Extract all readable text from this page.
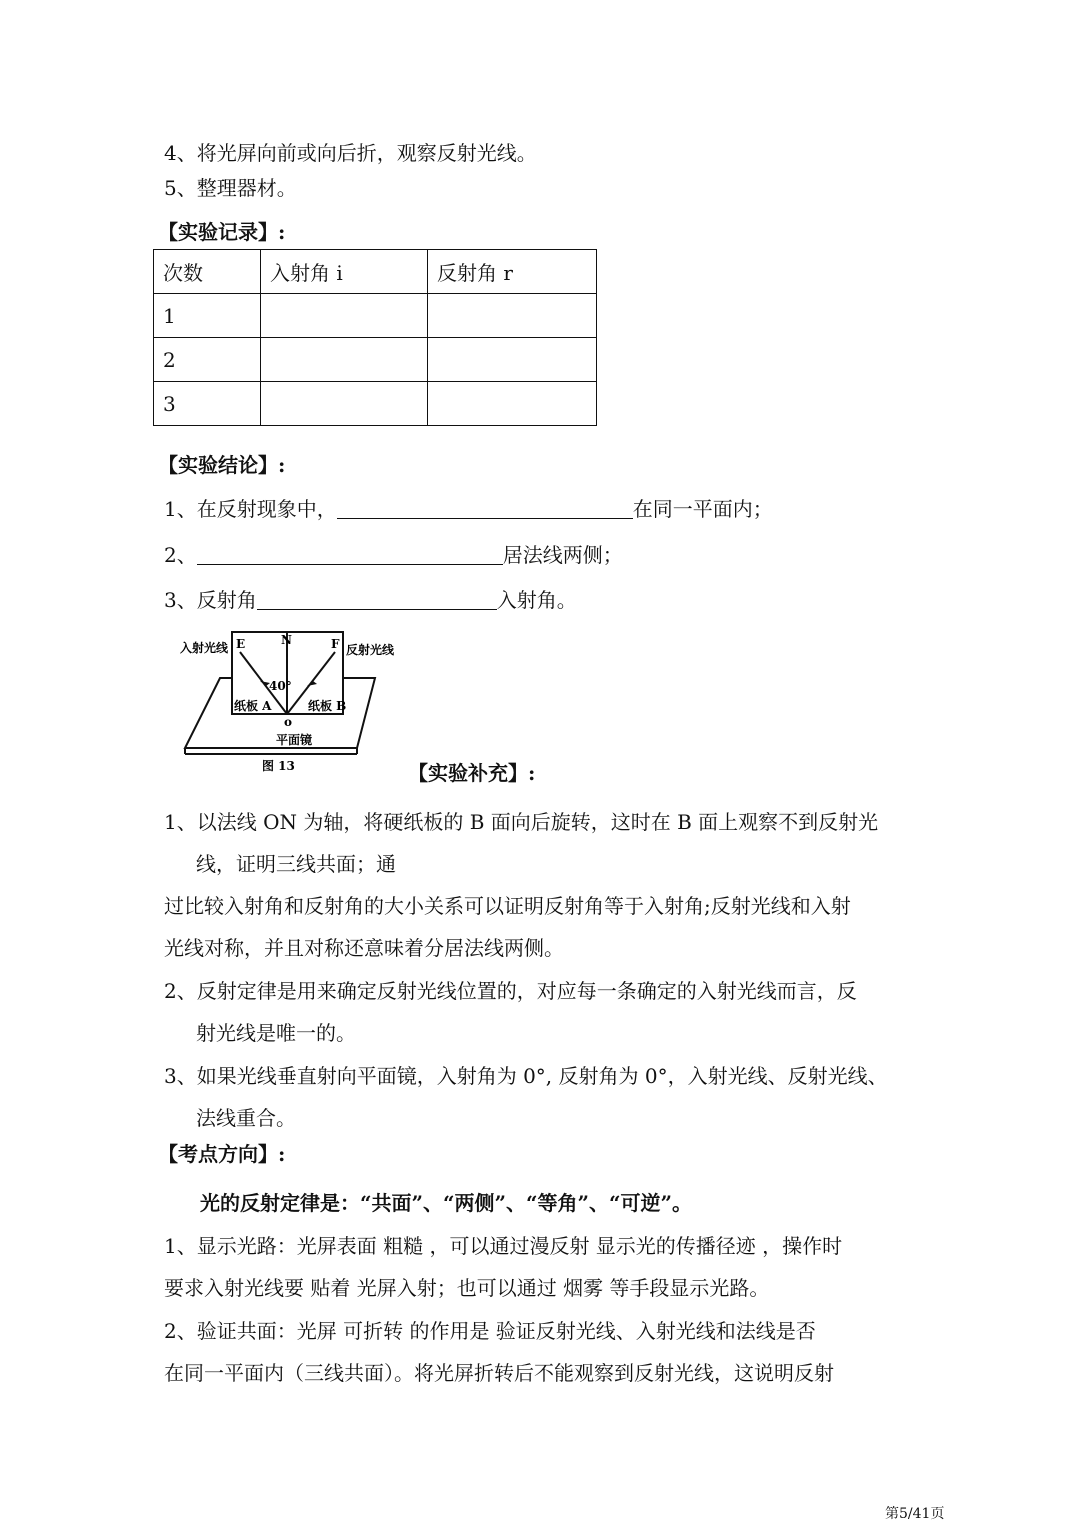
4、将光屏向前或向后折，观察反射光线。
5、整理器材。
【实验记录】:
次数	入射角 i	反射角 r
1		
2		
3		
【实验结论】:
1、在反射现象中，	在同一平面内；
2、	居法线两侧；
3、反射角	入射角。
入射光线	反射光线
E	N	F
40°
o
纸板 A	纸板 B
平面镜
图 13	【实验补充】:
1、以法线 ON 为轴，将硬纸板的 B 面向后旋转，这时在 B 面上观察不到反射光
线，证明三线共面；通
过比较入射角和反射角的大小关系可以证明反射角等于入射角;反射光线和入射
光线对称，并且对称还意味着分居法线两侧。
2、反射定律是用来确定反射光线位置的，对应每一条确定的入射光线而言，反
射光线是唯一的。
3、如果光线垂直射向平面镜，入射角为 0°, 反射角为 0°，入射光线、反射光线、
法线重合。
【考点方向】:
光的反射定律是：“共面”、“两侧”、“等角”、“可逆”。
1、显示光路：光屏表面 粗糙 ，可以通过漫反射 显示光的传播径迹 ，操作时
要求入射光线要 贴着 光屏入射；也可以通过 烟雾 等手段显示光路。
2、验证共面：光屏 可折转 的作用是 验证反射光线、入射光线和法线是否
在同一平面内（三线共面）。将光屏折转后不能观察到反射光线，这说明反射
第5/41页
